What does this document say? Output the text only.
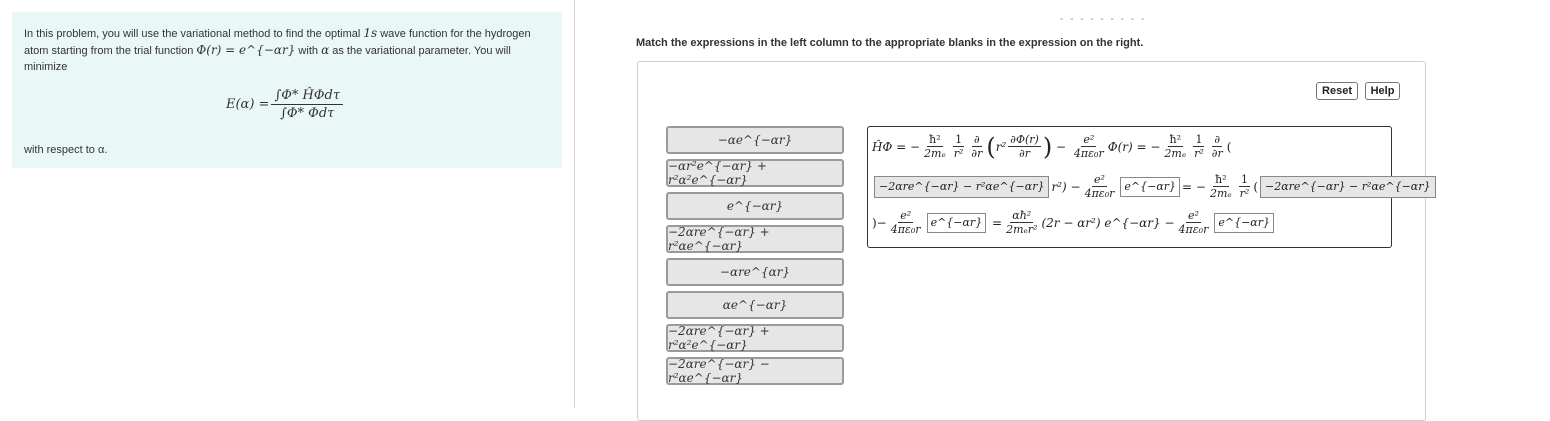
In this problem, you will use the variational method to find the optimal 1s wave function for the hydrogen atom starting from the trial function Φ(r) = e^{−αr} with α as the variational parameter. You will minimize
$E(\alpha) = \frac{\text{∫Φ* ĤΦdτ}}{\text{∫Φ* Φdτ}}$
with respect to α.
- - - - - - - - -
Match the expressions in the left column to the appropriate blanks in the expression on the right.
Reset	Help
−αe^{−αr}
−αr²e^{−αr} + r²α²e^{−αr}
e^{−αr}
−2αre^{−αr} + r²αe^{−αr}
−αre^{αr}
αe^{−αr}
−2αre^{−αr} + r²α²e^{−αr}
−2αre^{−αr} − r²αe^{−αr}
ĤΦ = − $\frac{\text{ħ²}}{\text{2mₑ}} \frac{1}{\text{r²}} \frac{\partial}{\partial r}$ ( $r^2 \frac{\partial\Phi(r)}{\partial r}$ ) − $\frac{\text{e²}}{\text{4πε₀r}} \Phi(r)$ = − $\frac{\text{ħ²}}{\text{2mₑ}} \frac{1}{\text{r²}} \frac{\partial}{\partial r}$ (
−2αre^{−αr} − r²αe^{−αr} $r^2) - \frac{\text{e²}}{\text{4πε₀r}}$ e^{−αr} = − $\frac{\text{ħ²}}{\text{2mₑ}} \frac{1}{\text{r²}}$ ( −2αre^{−αr} − r²αe^{−αr}
)− $\frac{\text{e²}}{\text{4πε₀r}}$ e^{−αr}
= $\frac{\text{αħ²}}{\text{2mₑr²}} (2r - \alpha r^2)$ e^{−αr} − $\frac{\text{e²}}{\text{4πε₀r}}$ e^{−αr}
